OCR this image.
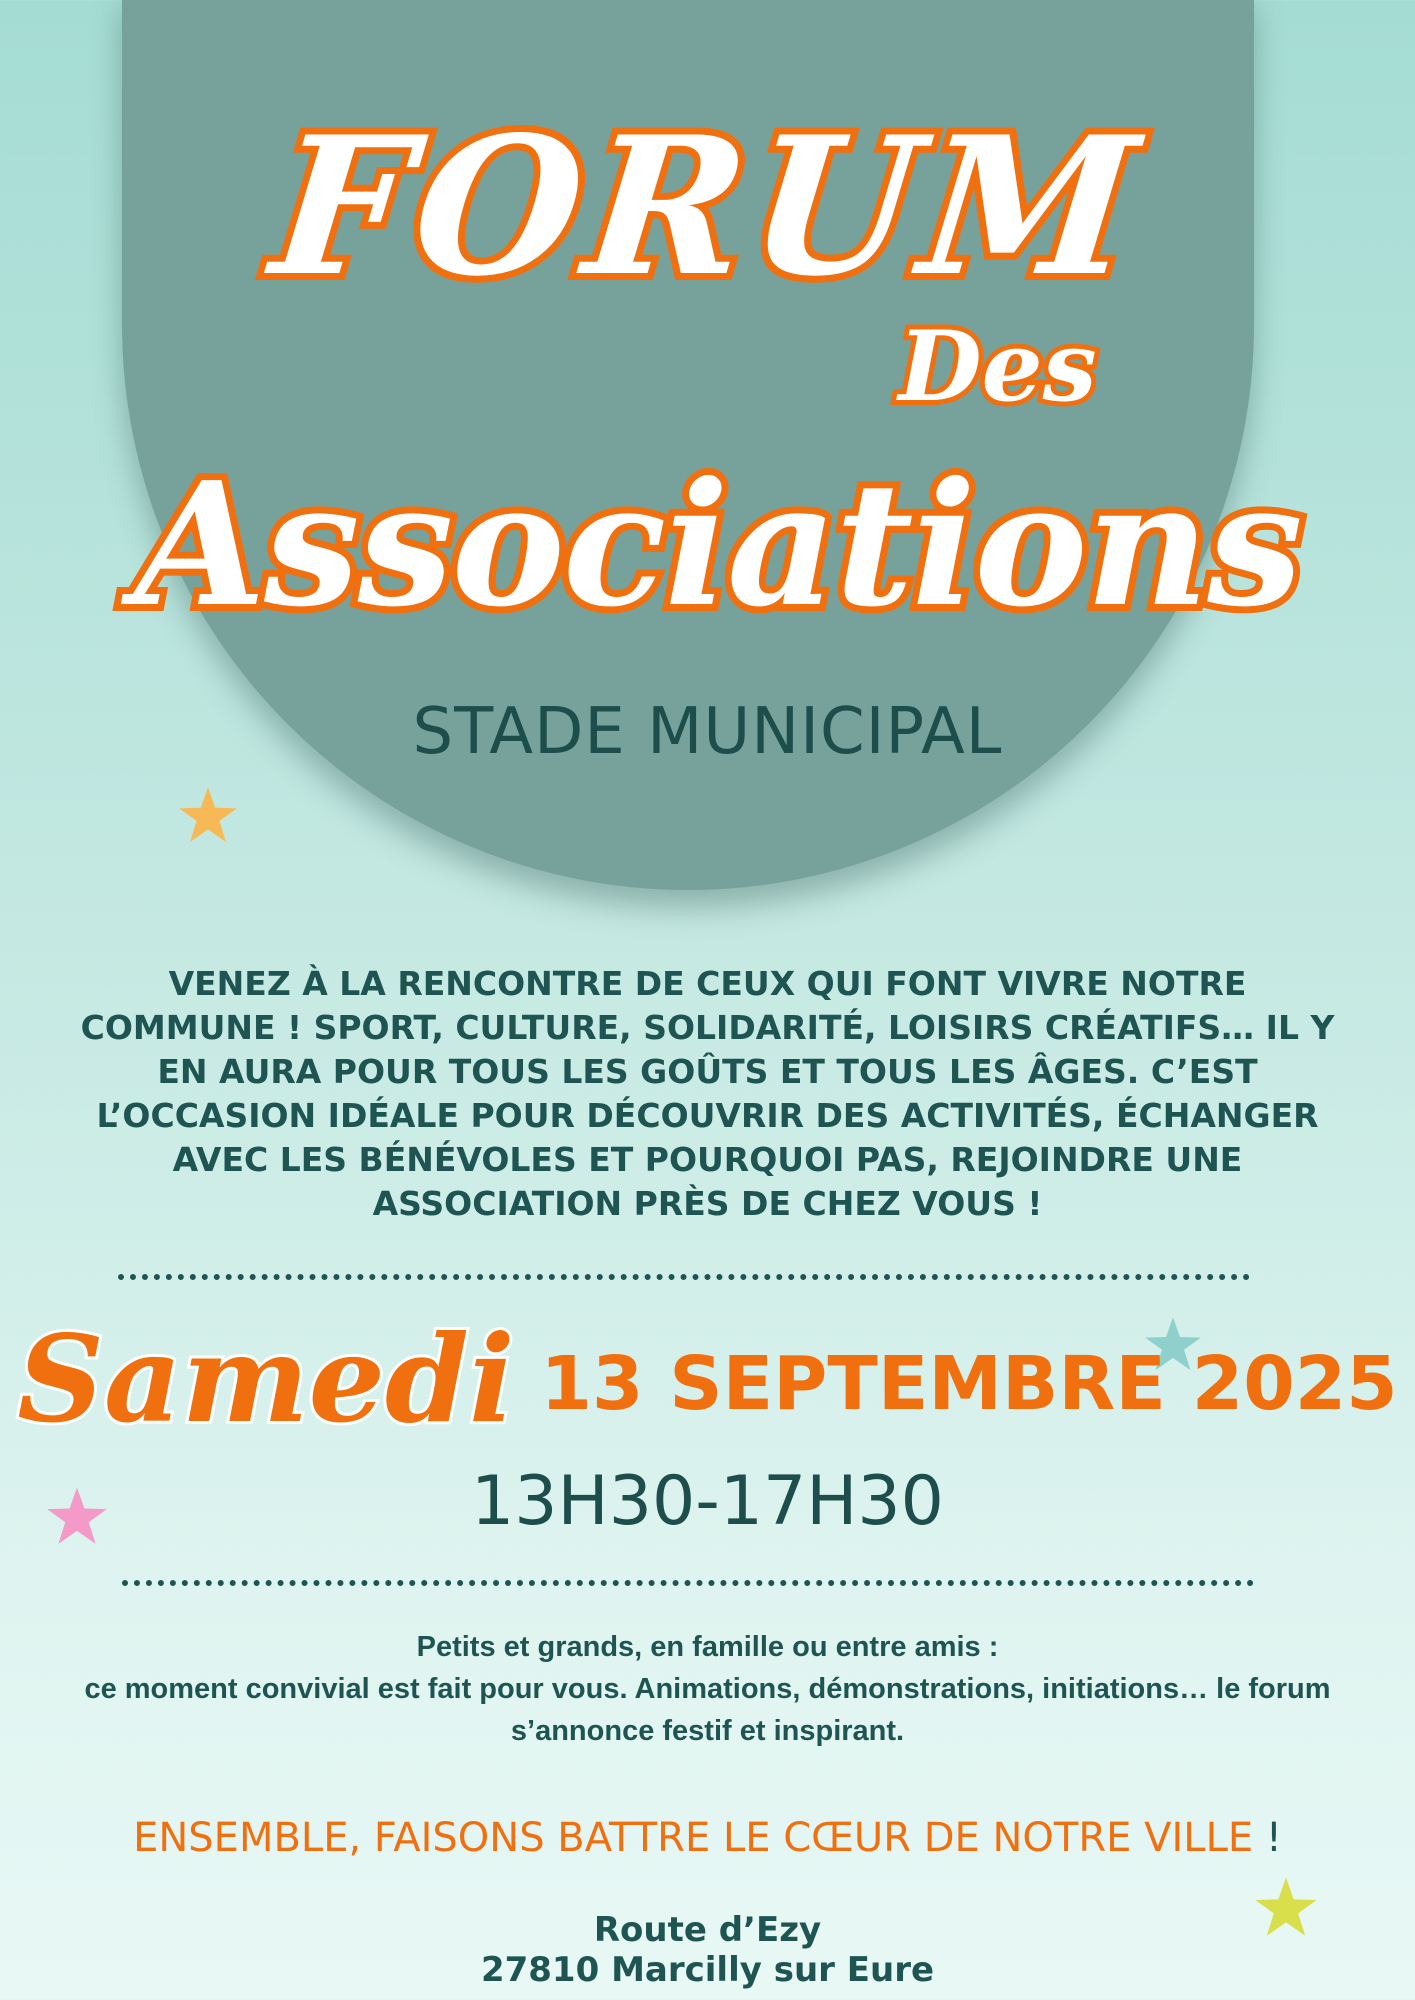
FORUM
Des
Associations
STADE MUNICIPAL
VENEZ À LA RENCONTRE DE CEUX QUI FONT VIVRE NOTRE COMMUNE ! SPORT, CULTURE, SOLIDARITÉ, LOISIRS CRÉATIFS… IL Y EN AURA POUR TOUS LES GOÛTS ET TOUS LES ÂGES. C’EST L’OCCASION IDÉALE POUR DÉCOUVRIR DES ACTIVITÉS, ÉCHANGER AVEC LES BÉNÉVOLES ET POURQUOI PAS, REJOINDRE UNE ASSOCIATION PRÈS DE CHEZ VOUS !
Samedi 13 SEPTEMBRE 2025
13H30-17H30
Petits et grands, en famille ou entre amis :
ce moment convivial est fait pour vous. Animations, démonstrations, initiations… le forum s’annonce festif et inspirant.
ENSEMBLE, FAISONS BATTRE LE CŒUR DE NOTRE VILLE !
Route d’Ezy
27810 Marcilly sur Eure
